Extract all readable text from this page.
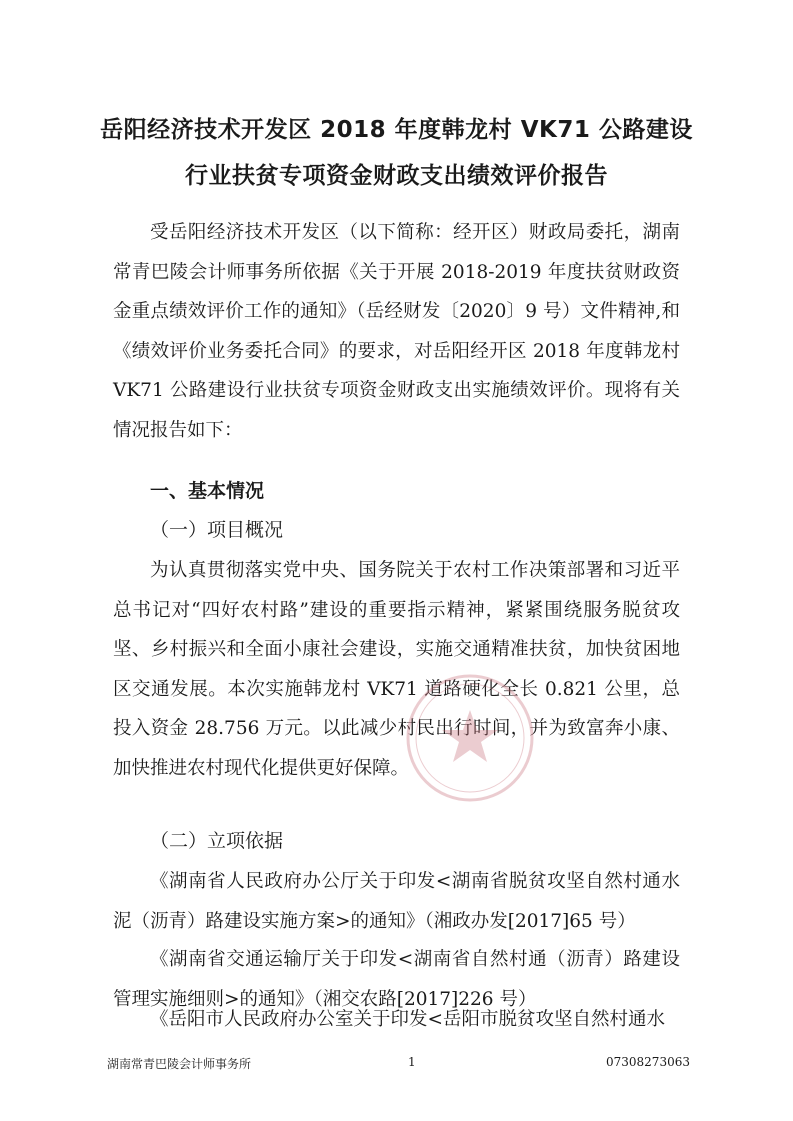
岳阳经济技术开发区 2018 年度韩龙村 VK71 公路建设
行业扶贫专项资金财政支出绩效评价报告

受岳阳经济技术开发区（以下简称：经开区）财政局委托，湖南常青巴陵会计师事务所依据《关于开展 2018-2019 年度扶贫财政资金重点绩效评价工作的通知》（岳经财发〔2020〕9 号）文件精神,和《绩效评价业务委托合同》的要求，对岳阳经开区 2018 年度韩龙村 VK71 公路建设行业扶贫专项资金财政支出实施绩效评价。现将有关情况报告如下：

一、基本情况
（一）项目概况

为认真贯彻落实党中央、国务院关于农村工作决策部署和习近平总书记对“四好农村路”建设的重要指示精神，紧紧围绕服务脱贫攻坚、乡村振兴和全面小康社会建设，实施交通精准扶贫，加快贫困地区交通发展。本次实施韩龙村 VK71 道路硬化全长 0.821 公里，总投入资金 28.756 万元。以此减少村民出行时间，并为致富奔小康、加快推进农村现代化提供更好保障。

（二）立项依据

《湖南省人民政府办公厅关于印发<湖南省脱贫攻坚自然村通水泥（沥青）路建设实施方案>的通知》（湘政办发[2017]65 号）

《湖南省交通运输厅关于印发<湖南省自然村通（沥青）路建设管理实施细则>的通知》（湘交农路[2017]226 号）

《岳阳市人民政府办公室关于印发<岳阳市脱贫攻坚自然村通水

湖南常青巴陵会计师事务所	1	07308273063
